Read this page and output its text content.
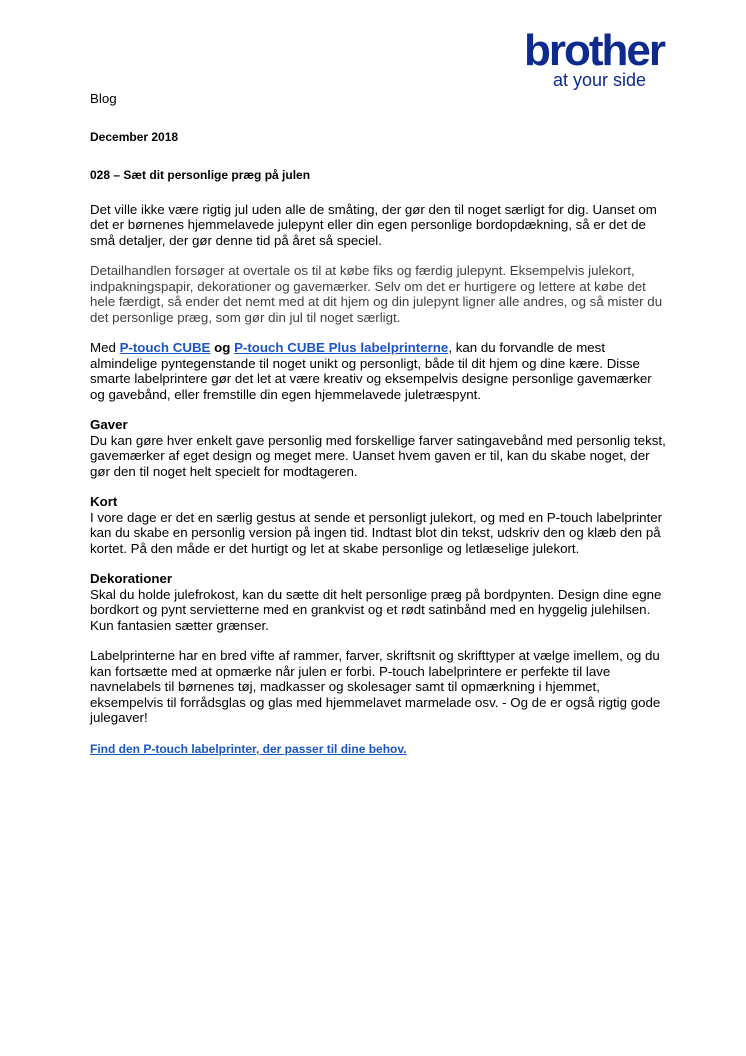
brother
at your side

Blog

December 2018

028 – Sæt dit personlige præg på julen

Det ville ikke være rigtig jul uden alle de småting, der gør den til noget særligt for dig. Uanset om det er børnenes hjemmelavede julepynt eller din egen personlige bordopdækning, så er det de små detaljer, der gør denne tid på året så speciel.

Detailhandlen forsøger at overtale os til at købe fiks og færdig julepynt. Eksempelvis julekort, indpakningspapir, dekorationer og gavemærker. Selv om det er hurtigere og lettere at købe det hele færdigt, så ender det nemt med at dit hjem og din julepynt ligner alle andres, og så mister du det personlige præg, som gør din jul til noget særligt.

Med P-touch CUBE og P-touch CUBE Plus labelprinterne, kan du forvandle de mest almindelige pyntegenstande til noget unikt og personligt, både til dit hjem og dine kære. Disse smarte labelprintere gør det let at være kreativ og eksempelvis designe personlige gavemærker og gavebånd, eller fremstille din egen hjemmelavede juletræspynt.

Gaver

Du kan gøre hver enkelt gave personlig med forskellige farver satingavebånd med personlig tekst, gavemærker af eget design og meget mere. Uanset hvem gaven er til, kan du skabe noget, der gør den til noget helt specielt for modtageren.

Kort

I vore dage er det en særlig gestus at sende et personligt julekort, og med en P-touch labelprinter kan du skabe en personlig version på ingen tid. Indtast blot din tekst, udskriv den og klæb den på kortet. På den måde er det hurtigt og let at skabe personlige og letlæselige julekort.

Dekorationer

Skal du holde julefrokost, kan du sætte dit helt personlige præg på bordpynten. Design dine egne bordkort og pynt servietterne med en grankvist og et rødt satinbånd med en hyggelig julehilsen. Kun fantasien sætter grænser.

Labelprinterne har en bred vifte af rammer, farver, skriftsnit og skrifttyper at vælge imellem, og du kan fortsætte med at opmærke når julen er forbi. P-touch labelprintere er perfekte til lave navnelabels til børnenes tøj, madkasser og skolesager samt til opmærkning i hjemmet, eksempelvis til forrådsglas og glas med hjemmelavet marmelade osv. - Og de er også rigtig gode julegaver!

Find den P-touch labelprinter, der passer til dine behov.
